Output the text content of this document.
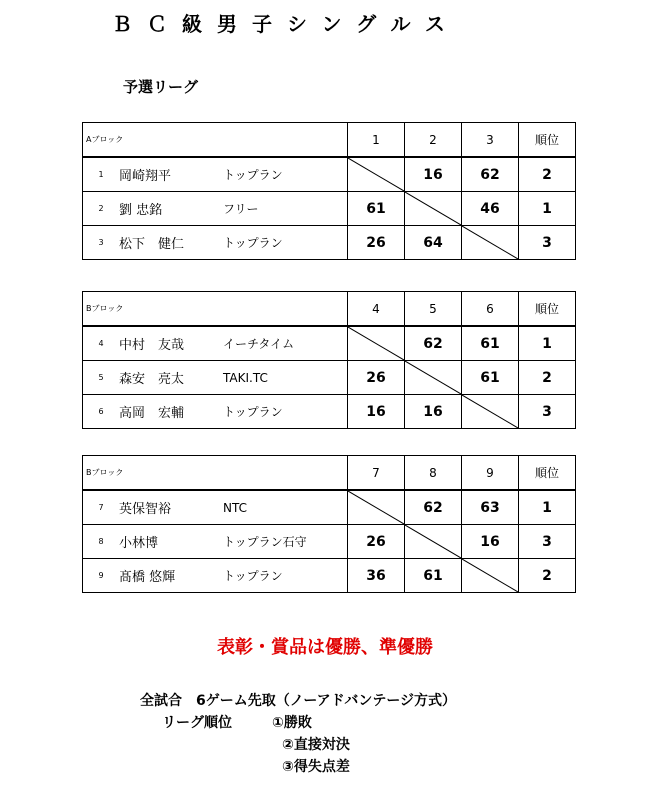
ＢＣ級男子シングルス
予選リーグ
Aブロック	1	2	3	順位

1 岡崎翔平 トップラン		16	62	2

2 劉 忠銘 フリー	61		46	1

3 松下　健仁 トップラン	26	64		3
Bブロック	4	5	6	順位

4 中村　友哉 イーチタイム		62	61	1

5 森安　亮太 TAKI.TC	26		61	2

6 高岡　宏輔 トップラン	16	16		3
Bブロック	7	8	9	順位

7 英保智裕 NTC		62	63	1

8 小林博 トップラン石守	26		16	3

9 髙橋 悠輝 トップラン	36	61		2
表彰・賞品は優勝、準優勝
全試合　6ゲーム先取（ノーアドバンテージ方式）
リーグ順位	①勝敗
②直接対決
③得失点差
